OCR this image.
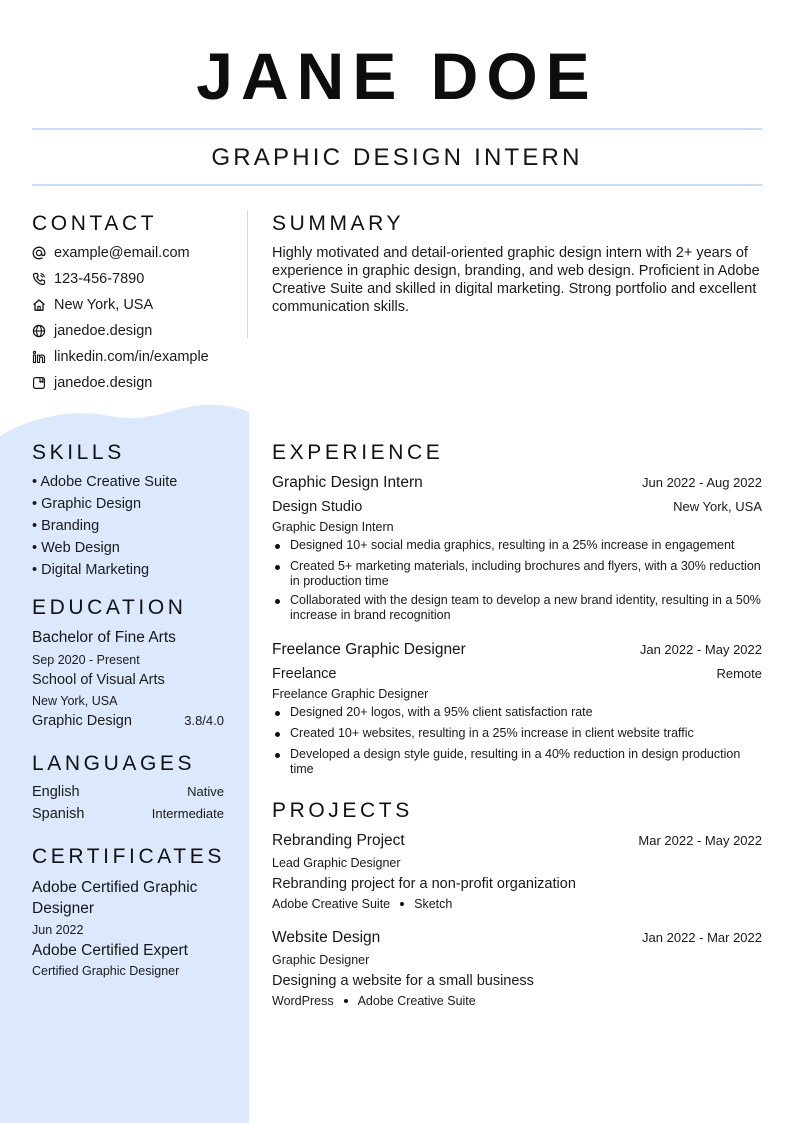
JANE DOE
GRAPHIC DESIGN INTERN
CONTACT
example@email.com
123-456-7890
New York, USA
janedoe.design
linkedin.com/in/example
janedoe.design
SUMMARY
Highly motivated and detail-oriented graphic design intern with 2+ years of experience in graphic design, branding, and web design. Proficient in Adobe Creative Suite and skilled in digital marketing. Strong portfolio and excellent communication skills.
SKILLS
• Adobe Creative Suite
• Graphic Design
• Branding
• Web Design
• Digital Marketing
EDUCATION
Bachelor of Fine Arts
Sep 2020 - Present
School of Visual Arts
New York, USA
Graphic Design	3.8/4.0
LANGUAGES
English	Native
Spanish	Intermediate
CERTIFICATES
Adobe Certified Graphic Designer
Jun 2022
Adobe Certified Expert
Certified Graphic Designer
EXPERIENCE
Graphic Design Intern	Jun 2022 - Aug 2022
Design Studio	New York, USA
Graphic Design Intern
Designed 10+ social media graphics, resulting in a 25% increase in engagement
Created 5+ marketing materials, including brochures and flyers, with a 30% reduction in production time
Collaborated with the design team to develop a new brand identity, resulting in a 50% increase in brand recognition
Freelance Graphic Designer	Jan 2022 - May 2022
Freelance	Remote
Freelance Graphic Designer
Designed 20+ logos, with a 95% client satisfaction rate
Created 10+ websites, resulting in a 25% increase in client website traffic
Developed a design style guide, resulting in a 40% reduction in design production time
PROJECTS
Rebranding Project	Mar 2022 - May 2022
Lead Graphic Designer
Rebranding project for a non-profit organization
Adobe Creative Suite Sketch
Website Design	Jan 2022 - Mar 2022
Graphic Designer
Designing a website for a small business
WordPress Adobe Creative Suite
